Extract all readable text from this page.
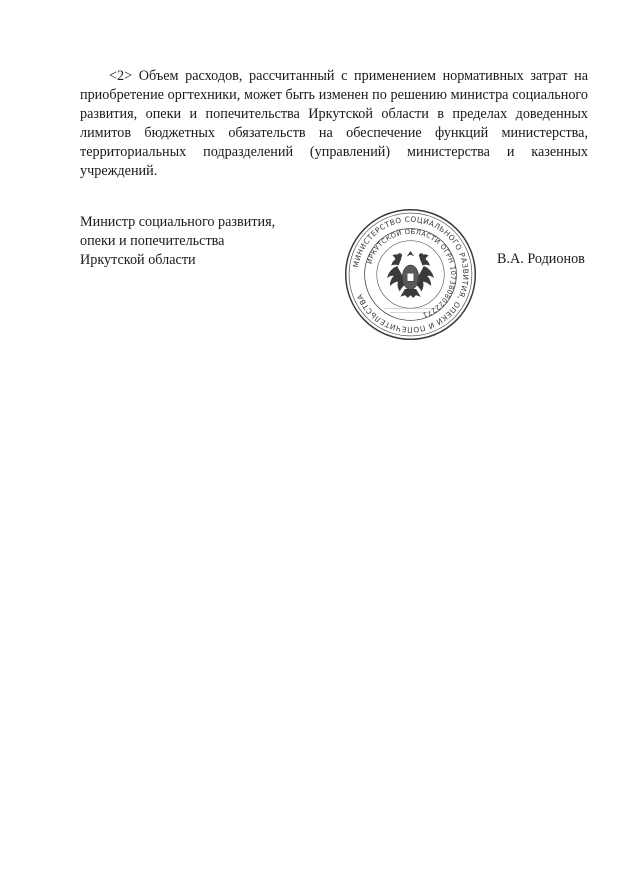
<2> Объем расходов, рассчитанный с применением нормативных затрат на приобретение оргтехники, может быть изменен по решению министра социального развития, опеки и попечительства Иркутской области в пределах доведенных лимитов бюджетных обязательств на обеспечение функций министерства, территориальных подразделений (управлений) министерства и казенных учреждений.

Министр социального развития,
опеки и попечительства
Иркутской области	МИНИСТЕРСТВО СОЦИАЛЬНОГО РАЗВИТИЯ, ОПЕКИ И ПОПЕЧИТЕЛЬСТВА
ИРКУТСКОЙ ОБЛАСТИ ОГРН 1073808022271
В.А. Родионов
